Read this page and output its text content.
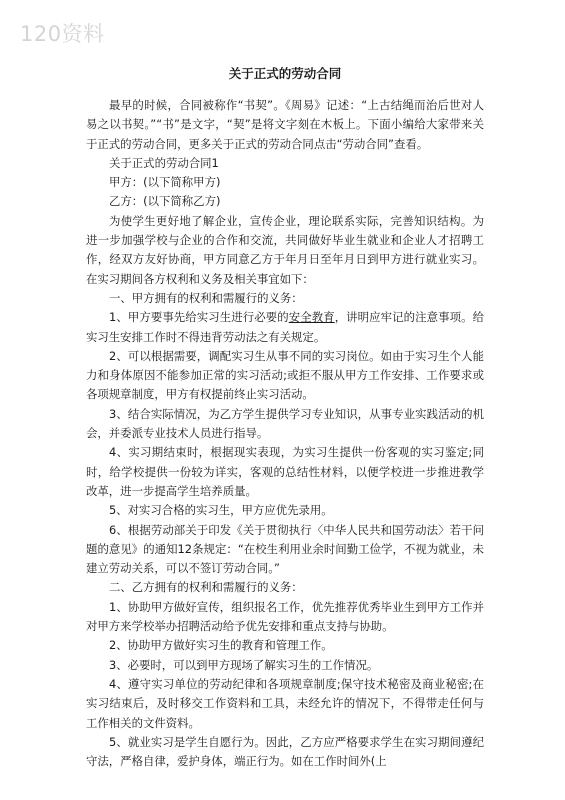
120资料
关于正式的劳动合同

最早的时候，合同被称作“书契”。《周易》记述：“上古结绳而治后世对人易之以书契。”“书”是文字，“契”是将文字刻在木板上。下面小编给大家带来关于正式的劳动合同，更多关于正式的劳动合同点击“劳动合同”查看。

关于正式的劳动合同1

甲方：(以下简称甲方)

乙方：(以下简称乙方)

为使学生更好地了解企业，宣传企业，理论联系实际，完善知识结构。为进一步加强学校与企业的合作和交流，共同做好毕业生就业和企业人才招聘工作，经双方友好协商，甲方同意乙方于年月日至年月日到甲方进行就业实习。在实习期间各方权利和义务及相关事宜如下：

一、甲方拥有的权利和需履行的义务：

1、甲方要事先给实习生进行必要的安全教育，讲明应牢记的注意事项。给实习生安排工作时不得违背劳动法之有关规定。

2、可以根据需要，调配实习生从事不同的实习岗位。如由于实习生个人能力和身体原因不能参加正常的实习活动;或拒不服从甲方工作安排、工作要求或各项规章制度，甲方有权提前终止实习活动。

3、结合实际情况，为乙方学生提供学习专业知识，从事专业实践活动的机会，并委派专业技术人员进行指导。

4、实习期结束时，根据现实表现，为实习生提供一份客观的实习鉴定;同时，给学校提供一份较为详实，客观的总结性材料，以便学校进一步推进教学改革，进一步提高学生培养质量。

5、对实习合格的实习生，甲方应优先录用。

6、根据劳动部关于印发《关于贯彻执行〈中华人民共和国劳动法〉若干问题的意见》的通知12条规定：“在校生利用业余时间勤工俭学，不视为就业，未建立劳动关系，可以不签订劳动合同。”

二、乙方拥有的权利和需履行的义务：

1、协助甲方做好宣传，组织报名工作，优先推荐优秀毕业生到甲方工作并对甲方来学校举办招聘活动给予优先安排和重点支持与协助。

2、协助甲方做好实习生的教育和管理工作。

3、必要时，可以到甲方现场了解实习生的工作情况。

4、遵守实习单位的劳动纪律和各项规章制度;保守技术秘密及商业秘密;在实习结束后，及时移交工作资料和工具，未经允许的情况下，不得带走任何与工作相关的文件资料。

5、就业实习是学生自愿行为。因此，乙方应严格要求学生在实习期间遵纪守法，严格自律，爱护身体，端正行为。如在工作时间外(上
